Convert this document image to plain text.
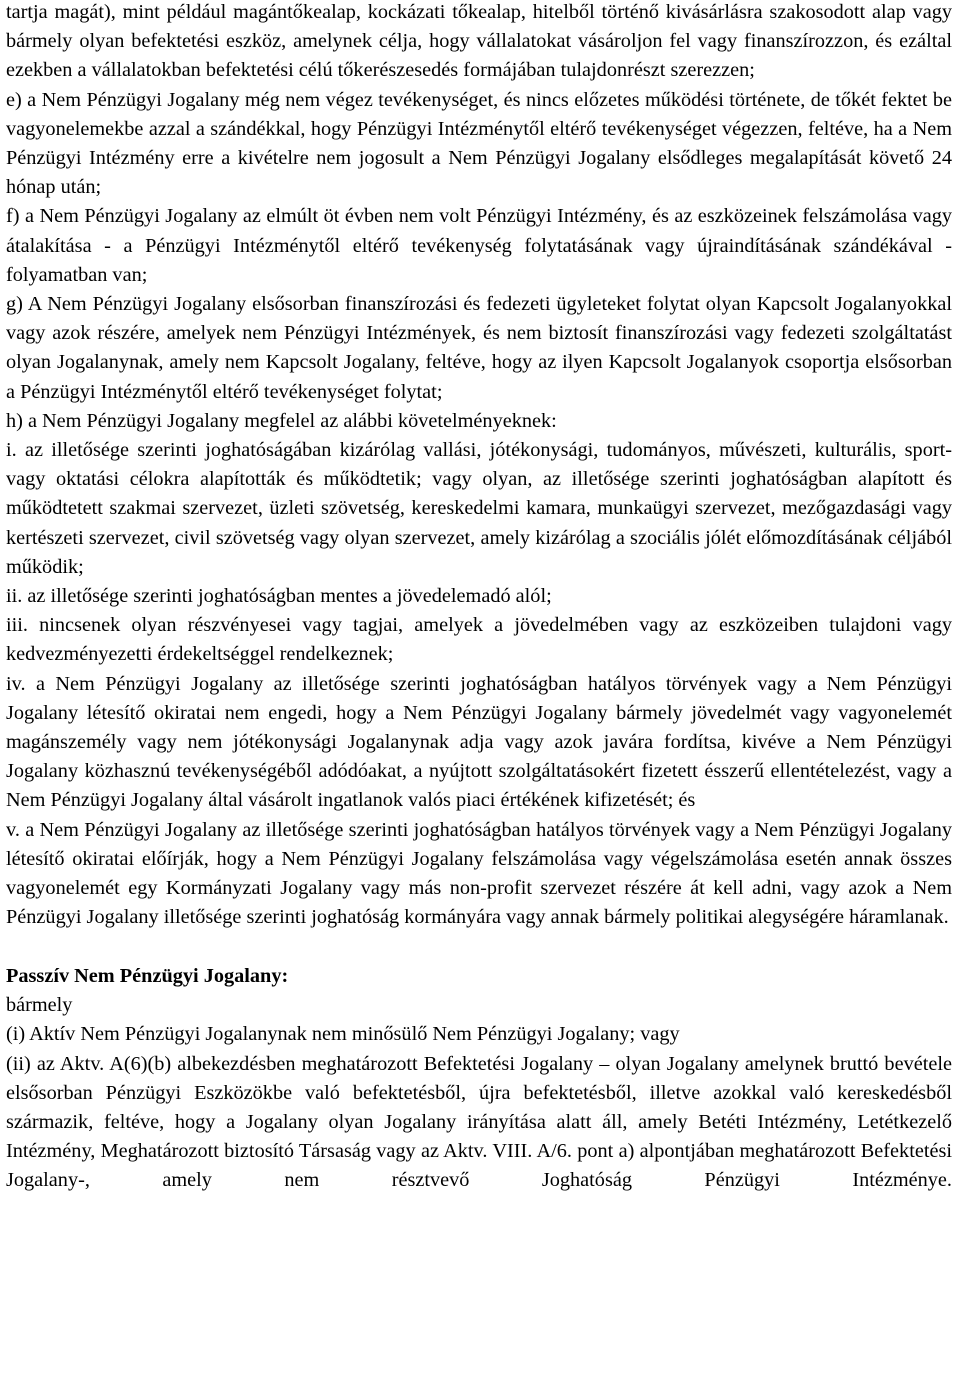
tartja magát), mint például magántőkealap, kockázati tőkealap, hitelből történő kivásárlásra szakosodott alap vagy bármely olyan befektetési eszköz, amelynek célja, hogy vállalatokat vásároljon fel vagy finanszírozzon, és ezáltal ezekben a vállalatokban befektetési célú tőkerészesedés formájában tulajdonrészt szerezzen;

e) a Nem Pénzügyi Jogalany még nem végez tevékenységet, és nincs előzetes működési története, de tőkét fektet be vagyonelemekbe azzal a szándékkal, hogy Pénzügyi Intézménytől eltérő tevékenységet végezzen, feltéve, ha a Nem Pénzügyi Intézmény erre a kivételre nem jogosult a Nem Pénzügyi Jogalany elsődleges megalapítását követő 24 hónap után;

f) a Nem Pénzügyi Jogalany az elmúlt öt évben nem volt Pénzügyi Intézmény, és az eszközeinek felszámolása vagy átalakítása - a Pénzügyi Intézménytől eltérő tevékenység folytatásának vagy újraindításának szándékával - folyamatban van;

g) A Nem Pénzügyi Jogalany elsősorban finanszírozási és fedezeti ügyleteket folytat olyan Kapcsolt Jogalanyokkal vagy azok részére, amelyek nem Pénzügyi Intézmények, és nem biztosít finanszírozási vagy fedezeti szolgáltatást olyan Jogalanynak, amely nem Kapcsolt Jogalany, feltéve, hogy az ilyen Kapcsolt Jogalanyok csoportja elsősorban a Pénzügyi Intézménytől eltérő tevékenységet folytat;

h) a Nem Pénzügyi Jogalany megfelel az alábbi követelményeknek:

i. az illetősége szerinti joghatóságában kizárólag vallási, jótékonysági, tudományos, művészeti, kulturális, sport- vagy oktatási célokra alapították és működtetik; vagy olyan, az illetősége szerinti joghatóságban alapított és működtetett szakmai szervezet, üzleti szövetség, kereskedelmi kamara, munkaügyi szervezet, mezőgazdasági vagy kertészeti szervezet, civil szövetség vagy olyan szervezet, amely kizárólag a szociális jólét előmozdításának céljából működik;

ii. az illetősége szerinti joghatóságban mentes a jövedelemadó alól;

iii. nincsenek olyan részvényesei vagy tagjai, amelyek a jövedelmében vagy az eszközeiben tulajdoni vagy kedvezményezetti érdekeltséggel rendelkeznek;

iv. a Nem Pénzügyi Jogalany az illetősége szerinti joghatóságban hatályos törvények vagy a Nem Pénzügyi Jogalany létesítő okiratai nem engedi, hogy a Nem Pénzügyi Jogalany bármely jövedelmét vagy vagyonelemét magánszemély vagy nem jótékonysági Jogalanynak adja vagy azok javára fordítsa, kivéve a Nem Pénzügyi Jogalany közhasznú tevékenységéből adódóakat, a nyújtott szolgáltatásokért fizetett ésszerű ellentételezést, vagy a Nem Pénzügyi Jogalany által vásárolt ingatlanok valós piaci értékének kifizetését; és

v. a Nem Pénzügyi Jogalany az illetősége szerinti joghatóságban hatályos törvények vagy a Nem Pénzügyi Jogalany létesítő okiratai előírják, hogy a Nem Pénzügyi Jogalany felszámolása vagy végelszámolása esetén annak összes vagyonelemét egy Kormányzati Jogalany vagy más non-profit szervezet részére át kell adni, vagy azok a Nem Pénzügyi Jogalany illetősége szerinti joghatóság kormányára vagy annak bármely politikai alegységére háramlanak.

Passzív Nem Pénzügyi Jogalany:

bármely

(i) Aktív Nem Pénzügyi Jogalanynak nem minősülő Nem Pénzügyi Jogalany; vagy

(ii) az Aktv. A(6)(b) albekezdésben meghatározott Befektetési Jogalany – olyan Jogalany amelynek bruttó bevétele elsősorban Pénzügyi Eszközökbe való befektetésből, újra befektetésből, illetve azokkal való kereskedésből származik, feltéve, hogy a Jogalany olyan Jogalany irányítása alatt áll, amely Betéti Intézmény, Letétkezelő Intézmény, Meghatározott biztosító Társaság vagy az Aktv. VIII. A/6. pont a) alpontjában meghatározott Befektetési Jogalany-, amely nem résztvevő Joghatóság Pénzügyi Intézménye.
